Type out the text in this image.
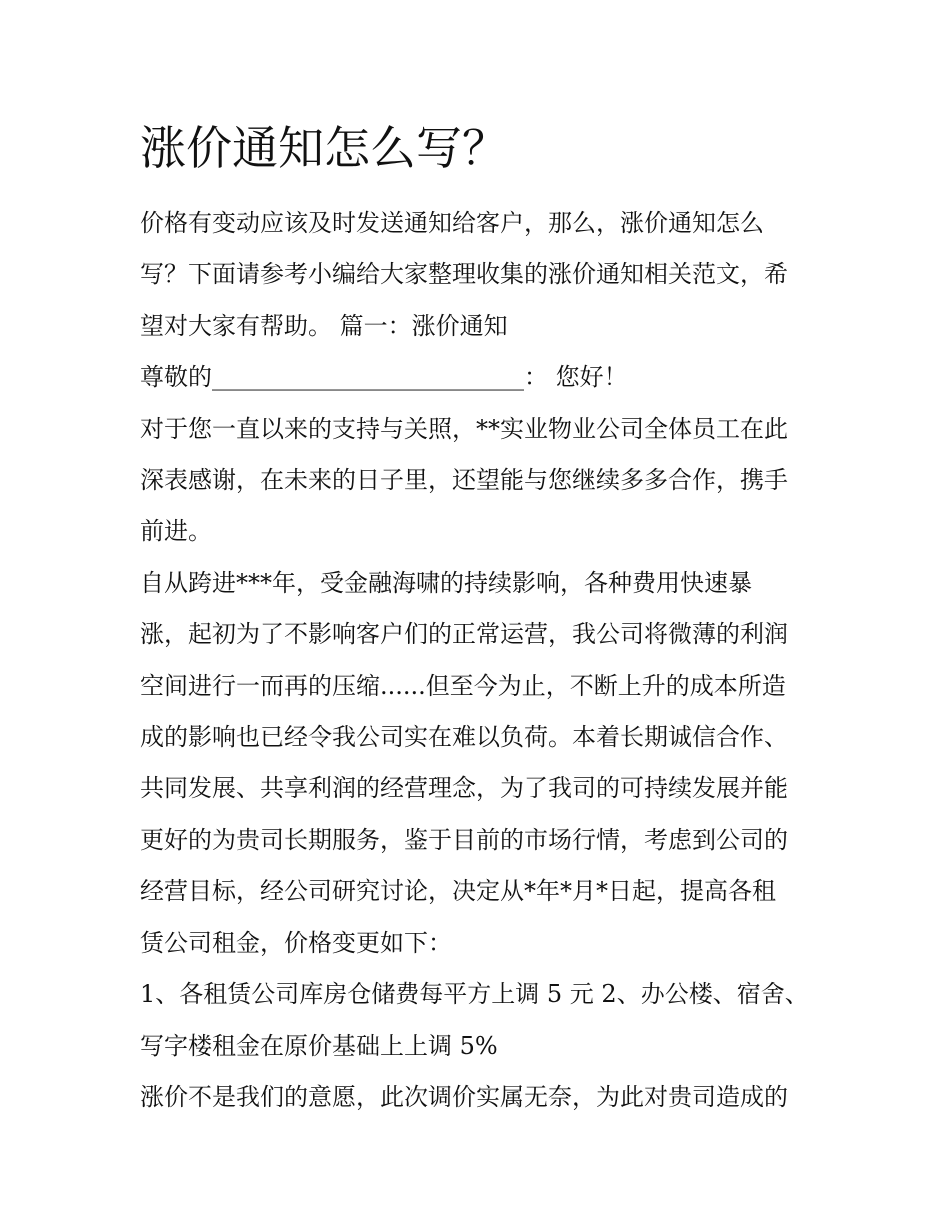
涨价通知怎么写？

价格有变动应该及时发送通知给客户，那么，涨价通知怎么

写？下面请参考小编给大家整理收集的涨价通知相关范文，希

望对大家有帮助。 篇一：涨价通知

尊敬的__________________________： 您好！

对于您一直以来的支持与关照，**实业物业公司全体员工在此

深表感谢，在未来的日子里，还望能与您继续多多合作，携手

前进。

自从跨进***年，受金融海啸的持续影响，各种费用快速暴

涨，起初为了不影响客户们的正常运营，我公司将微薄的利润

空间进行一而再的压缩......但至今为止，不断上升的成本所造

成的影响也已经令我公司实在难以负荷。本着长期诚信合作、

共同发展、共享利润的经营理念，为了我司的可持续发展并能

更好的为贵司长期服务，鉴于目前的市场行情，考虑到公司的

经营目标，经公司研究讨论，决定从*年*月*日起，提高各租

赁公司租金，价格变更如下：

1、各租赁公司库房仓储费每平方上调 5 元 2、办公楼、宿舍、

写字楼租金在原价基础上上调 5%

涨价不是我们的意愿，此次调价实属无奈，为此对贵司造成的
